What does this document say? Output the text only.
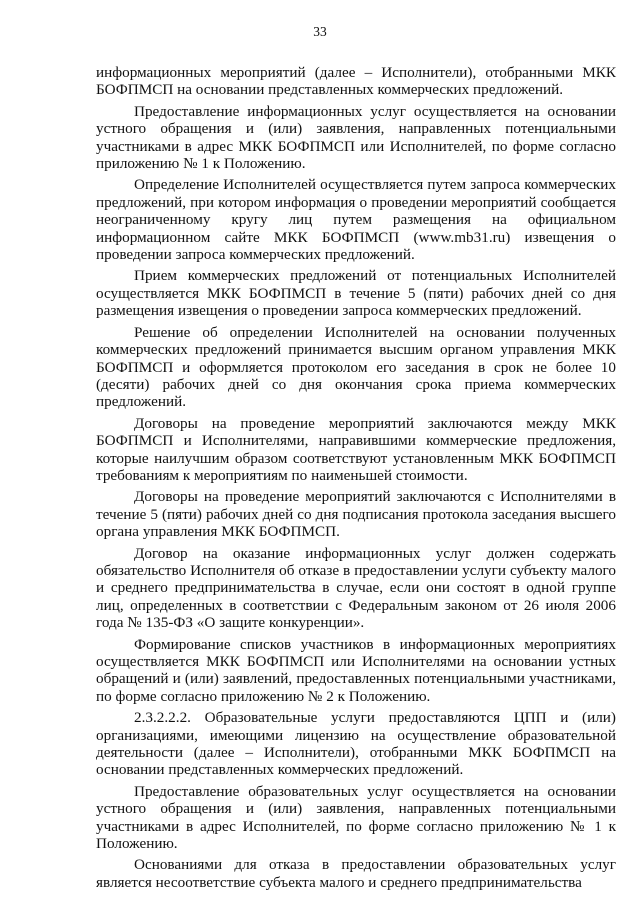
33

информационных мероприятий (далее – Исполнители), отобранными МКК БОФПМСП на основании представленных коммерческих предложений.

Предоставление информационных услуг осуществляется на основании устного обращения и (или) заявления, направленных потенциальными участниками в адрес МКК БОФПМСП или Исполнителей, по форме согласно приложению № 1 к Положению.

Определение Исполнителей осуществляется путем запроса коммерческих предложений, при котором информация о проведении мероприятий сообщается неограниченному кругу лиц путем размещения на официальном информационном сайте МКК БОФПМСП (www.mb31.ru) извещения о проведении запроса коммерческих предложений.

Прием коммерческих предложений от потенциальных Исполнителей осуществляется МКК БОФПМСП в течение 5 (пяти) рабочих дней со дня размещения извещения о проведении запроса коммерческих предложений.

Решение об определении Исполнителей на основании полученных коммерческих предложений принимается высшим органом управления МКК БОФПМСП и оформляется протоколом его заседания в срок не более 10 (десяти) рабочих дней со дня окончания срока приема коммерческих предложений.

Договоры на проведение мероприятий заключаются между МКК БОФПМСП и Исполнителями, направившими коммерческие предложения, которые наилучшим образом соответствуют установленным МКК БОФПМСП требованиям к мероприятиям по наименьшей стоимости.

Договоры на проведение мероприятий заключаются с Исполнителями в течение 5 (пяти) рабочих дней со дня подписания протокола заседания высшего органа управления МКК БОФПМСП.

Договор на оказание информационных услуг должен содержать обязательство Исполнителя об отказе в предоставлении услуги субъекту малого и среднего предпринимательства в случае, если они состоят в одной группе лиц, определенных в соответствии с Федеральным законом от 26 июля 2006 года № 135-ФЗ «О защите конкуренции».

Формирование списков участников в информационных мероприятиях осуществляется МКК БОФПМСП или Исполнителями на основании устных обращений и (или) заявлений, предоставленных потенциальными участниками, по форме согласно приложению № 2 к Положению.

2.3.2.2.2. Образовательные услуги предоставляются ЦПП и (или) организациями, имеющими лицензию на осуществление образовательной деятельности (далее – Исполнители), отобранными МКК БОФПМСП на основании представленных коммерческих предложений.

Предоставление образовательных услуг осуществляется на основании устного обращения и (или) заявления, направленных потенциальными участниками в адрес Исполнителей, по форме согласно приложению № 1 к Положению.

Основаниями для отказа в предоставлении образовательных услуг является несоответствие субъекта малого и среднего предпринимательства
